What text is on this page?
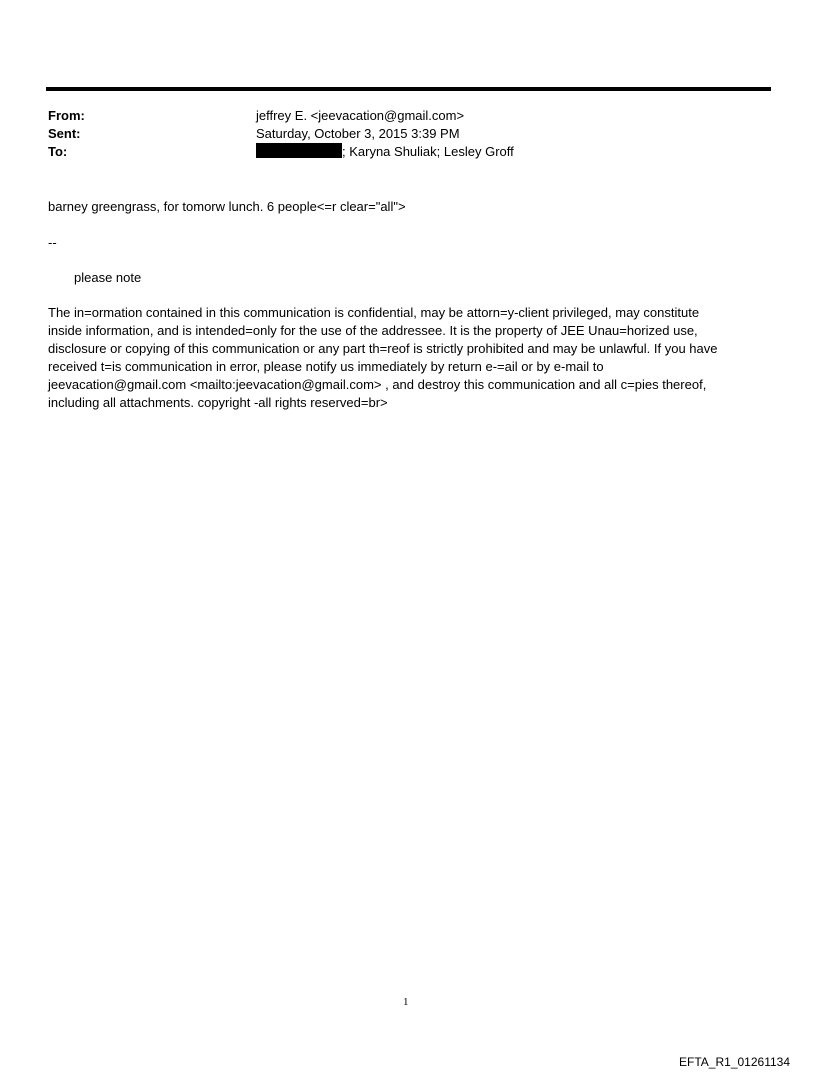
From:	jeffrey E. <jeevacation@gmail.com>
Sent:	Saturday, October 3, 2015 3:39 PM
To:	; Karyna Shuliak; Lesley Groff
barney greengrass, for tomorw lunch. 6 people<=r clear="all">
--
please note
The in=ormation contained in this communication is confidential, may be attorn=y-client privileged, may constitute
inside information, and is intended=only for the use of the addressee. It is the property of JEE Unau=horized use,
disclosure or copying of this communication or any part th=reof is strictly prohibited and may be unlawful. If you have
received t=is communication in error, please notify us immediately by return e-=ail or by e-mail to
jeevacation@gmail.com <mailto:jeevacation@gmail.com> , and destroy this communication and all c=pies thereof,
including all attachments. copyright -all rights reserved=br>
1
EFTA_R1_01261134
